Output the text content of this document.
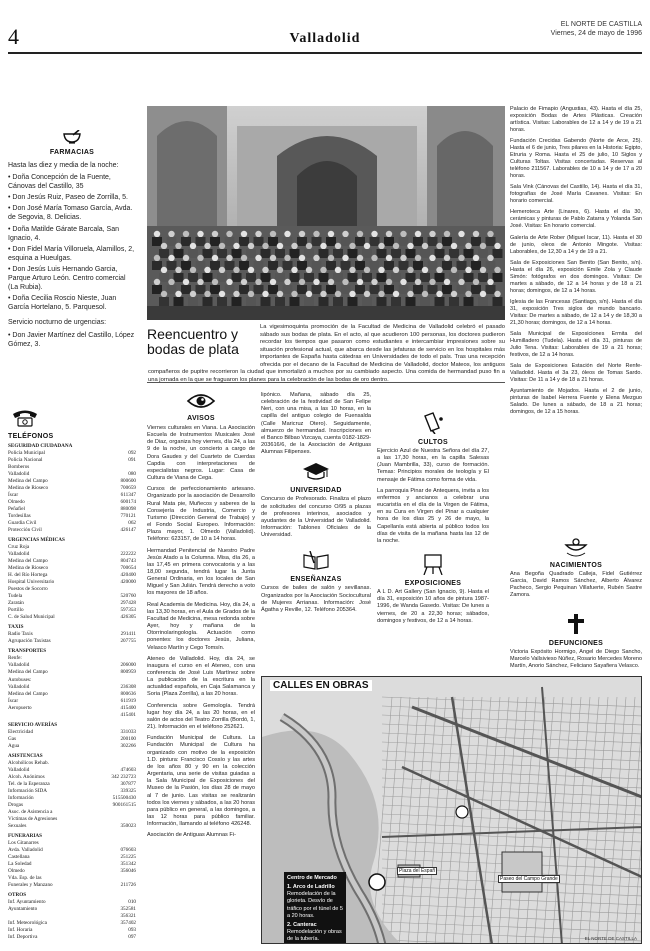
4	Valladolid
EL NORTE DE CASTILLA
Viernes, 24 de mayo de 1996
FARMACIAS

Hasta las diez y media de la noche:

• Doña Concepción de la Fuente, Cánovas del Castillo, 35

• Don Jesús Ruiz, Paseo de Zorrilla, 5.

• Don José María Tomaso García, Avda. de Segovia, 8. Delicias.

• Doña Matilde Gárate Barcala, San Ignacio, 4.

• Don Fidel María Villoruela, Alamillos, 2, esquina a Hueulgas.

• Don Jesús Luis Hernando Garcia, Parque Arturo León. Centro comercial (La Rubia).

• Doña Cecilia Roscio Nieste, Juan García Hortelano, 5. Parquesol.

Servicio nocturno de urgencias:

• Don Javier Martínez del Castillo, López Gómez, 3.

TELÉFONOS
SEGURIDAD CIUDADANA
Policía Municipal	092
Policía Nacional	091
Bomberos
Valladolid	080
Medina del Campo	800600
Medina de Rioseco	700659
Íscar	611347
Olmedo	600174
Peñafiel	880098
Tordesillas	770121
Guardia Civil	062
Protección Civil	426147
URGENCIAS MÉDICAS
Cruz Roja
Valladolid	222222
Medina del Campo	804743
Medina de Rioseco	700654
H. del Río Hortega	420400
Hospital Universitario	420000
Puestos de Socorro
Tudela	520760
Zaratán	297428
Portillo	597353
C. de Salud Municipal	426305
TAXIS
Radio Taxis	291411
Agrupación Taxistas	207755
TRANSPORTES
Renfe:
Valladolid	206000
Medina del Campo	800959
Autobuses:
Valladolid	236308
Medina del Campo	800636
Íscar	611919
Aeropuerto	415400
415401
SERVICIO AVERÍAS
Electricidad	331033
Gas	200100
Agua	302266
ASISTENCIAS
Alcohólicos Rehab.
Valladolid	474603
Alcoh. Anónimos	342 232723
Tel. de la Esperanza	307877
Información SIDA	339325
Información	515500430
Drogas	900161515
Asoc. de Asistencia a
Víctimas de Agresiones
Sexuales	350023
FUNERARIAS
Los Gitanarres
Avda. Valladolid	076603
Castellana	251225
La Soledad	351342
Olmedo	356046
Vda. Esp. de las
Funerales y Manzano	211726
OTROS
Inf. Ayuntamiento	010
Ayuntamiento	352581
356321
Inf. Meteorológica	357402
Inf. Horaria	093
Inf. Deportiva	097
Reencuentro y bodas de plata
La vigesimoquinta promoción de la Facultad de Medicina de Valladolid celebró el pasado sábado sus bodas de plata. En el acto, al que acudieron 100 personas, los doctores pudieron recordar los tiempos que pasaron como estudiantes e intercambiar impresiones sobre su situación profesional actual, que abarca desde las jefaturas de servicio en los hospitales más importantes de España hasta cátedras en Universidades de todo el país. Tras una recepción ofrecida por el decano de la Facultad de Medicina de Valladolid, doctor Mateos, los antiguos compañeros de pupitre recorrieron la ciudad que inmortalizó a muchos por su cambiado aspecto. Una comida de hermandad puso fin a una jornada en la que se fraguaron los planes para la celebración de las bodas de oro dentro.
AVISOS

Viernes culturales en Viana. La Asociación Escuela de Instrumentos Musicales José de Diaz, organiza hoy viernes, día 24, a las 9 de la noche, un concierto a cargo de Dora Gaudes y del Cuarteto de Cuerdas Capdia con interpretaciones de especialistas negros. Lugar: Casa de Cultura de Viana de Cega.

Cursos de perfeccionamiento artesano. Organizado por la asociación de Desarrollo Rural Mata pie, Muñecos y saberes de la Consejería de Industria, Comercio y Turismo (Dirección General de Trabajo) y el Fondo Social Europeo. Información: Plaza mayor, 1. Olmedo (Valladolid). Teléfono: 623157, de 10 a 14 horas.

Hermandad Penitencial de Nuestro Padre Jesús Atado a la Columna. Misa, día 26, a las 17,45 en primera convocatoria y a las 18,00 segunda, tendrá lugar la Junta General Ordinaria, en los locales de San Miguel y San Julián. Tendrá derecho a voto los mayores de 18 años.

Real Academia de Medicina. Hoy, día 24, a las 13,30 horas, en el Aula de Grados de la Facultad de Medicina, mesa redonda sobre Ayer, hoy y mañana de la Otorrinolaringología. Actuación como ponentes: los doctores Jesús, Juliana, Velasco Martín y Cego Tomsín.

Ateneo de Valladolid. Hoy, día 24, se inaugura el curso en el Ateneo, con una conferencia de José Luis Martínez sobre La publicación de la escritura en la actualidad española, en Caja Salamanca y Soria (Plaza Zorrilla), a las 20 horas.

Conferencia sobre Gemología. Tendrá lugar hoy día 24, a las 20 horas, en el salón de actos del Teatro Zorrilla (Bordó, 1, 21). Información en el teléfono 252621.

Fundación Municipal de Cultura. La Fundación Municipal de Cultura ha organizado con motivo de la exposición 1.D. pintura: Francisco Cossío y las artes de los años 80 y 90 en la colección Argentaria, una serie de visitas guiadas a la Sala Municipal de Exposiciones del Museo de la Pasión, los días 28 de mayo al 7 de junio. Las visitas se realizarán todos los viernes y sábados, a las 20 horas para público en general, a las domingos, a las 12 horas para público familiar. Información, llamando al teléfono 426248.

Asociación de Antiguas Alumnas Fi-

lipónico. Mañana, sábado día 25, celebración de la festividad de San Felipe Neri, con una misa, a las 10 horas, en la capilla del antiguo colegio de Fuensalda (Calle Maricruz Otero). Seguidamente, almuerzo de hermandad. Inscripciones en el Banco Bilbao Vizcaya, cuenta 0182-1829-203616/6, de la Asociación de Antiguas Alumnas Filipenses.

UNIVERSIDAD

Concurso de Profesorado. Finaliza el plazo de solicitudes del concurso O/95 a plazas de profesores interinos, asociados y ayudantes de la Universidad de Valladolid. Información: Tablones Oficiales de la Universidad.

ENSEÑANZAS

Cursos de bailes de salón y sevillanas. Organizados por la Asociación Sociocultural de Mujeres Arrianas. Información: José Ágatha y Reville, 12. Teléfono 205364.

CULTOS

Ejercicio Azul de Nuestra Señora del día 27, a las 17,30 horas, en la capilla Salesas (Juan Mambrilla, 33), curso de formación. Temas: Principios morales de teología y El mensaje de Fátima como forma de vida.

La parroquia Pinar de Antequera, invita a los enfermos y ancianos a celebrar una eucaristía en el día de la Virgen de Fátima, en su Cura en Virgen del Pinar a cualquier hora de los días 25 y 26 de mayo, la Capellanía está abierta al público todos los días de visita de la mañana hasta las 12 de la noche.

EXPOSICIONES

A L D. Art Gallery (San Ignacio, 9). Hasta el día 31, exposición 10 años de pintura 1987-1996, de Wanda Gasedo. Visitas: De lunes a viernes, de 20 a 22,30 horas; sábados, domingos y festivos, de 12 a 14 horas.

Palacio de Fimapio (Angustias, 43). Hasta el día 25, exposición Bodas de Artes Plásticas. Creación artística. Visitas: Laborables de 12 a 14 y de 19 a 21 horas.

Fundación Crecidas Gabendo (Norte de Arce, 25). Hasta el 6 de junio, Tres pilares en la Historia: Egipto, Etruria y Roma. Hasta el 25 de julio, 10 Siglos y Culturas Toltas. Visitas concertadas. Reservas al teléfono 211567. Laborables de 10 a 14 y de 17 a 20 horas.

Sala Vink (Cánovas del Castillo, 14). Hasta el día 31, fotografías de José María Cavanes. Visitas: En horario comercial.

Hemeroteca Arte (Linares, 6). Hasta el día 30, cerámicas y pinturas de Pablo Zatarra y Yolanda San José. Visitas: En horario comercial.

Galería de Arte Rober (Miguel Iscar, 11). Hasta el 30 de junio, oleos de Antonio Mingote. Visitas: Laborables, de 12,30 a 14 y de 19 a 21.

Sala de Exposiciones San Benito (San Benito, s/n). Hasta el día 26, exposición Emile Zola y Claude Simón: fotógrafos en dos domingos. Visitas: De martes a sábado, de 12 a 14 horas y de 18 a 21 horas; domingos, de 12 a 14 horas.

Iglesia de las Francesas (Santiago, s/n). Hasta el día 31, exposición Tres siglos de mundo bancario. Visitas: De martes a sábado, de 12 a 14 y de 18,30 a 21,30 horas; domingos, de 12 a 14 horas.

Sala Municipal de Exposiciones Ermita del Humilladero (Tudela). Hasta el día 31, pinturas de Julio Tena. Visitas: Laborables de 19 a 21 horas; festivos, de 12 a 14 horas.

Sala de Exposiciones Estación del Norte Renfe-Valladolid. Hasta el 3a 23, óleos de Tomas Sardo. Visitas: De 11 a 14 y de 18 a 21 horas.

Ayuntamiento de Mojados. Hasta el 2 de junio, pinturas de Isabel Herrera Fuente y Elena Mezguo Salado. De lunes a sábado, de 18 a 21 horas; domingos, de 12 a 15 horas.

NACIMIENTOS

Ana Begoña Quadrado Calleja, Fidel Gutiérrez Garcia, David Ramos Sánchez, Alberto Álvarez Pacheco, Sergio Pequinan Villafuerte, Rubén Sastre Zamora.

DEFUNCIONES

Victoria Expósito Hormigo, Angel de Diego Sancho, Marcelo Vallsivieso Núñez, Rosario Mercedes Moreno Martín, Anorio Sánchez, Feliciano Sayafiera Velasco.

CALLES EN OBRAS
Plaza del Españ
Paseo del Campo Grande
Centro de Mercado
1. Arco de Ladrillo
Remodelación de la glorieta. Desvío de tráfico por el túnel de 5 a 20 horas.
2. Canterac
Remodelación y obras de la tubería.	EL NORTE DE CASTILLA
